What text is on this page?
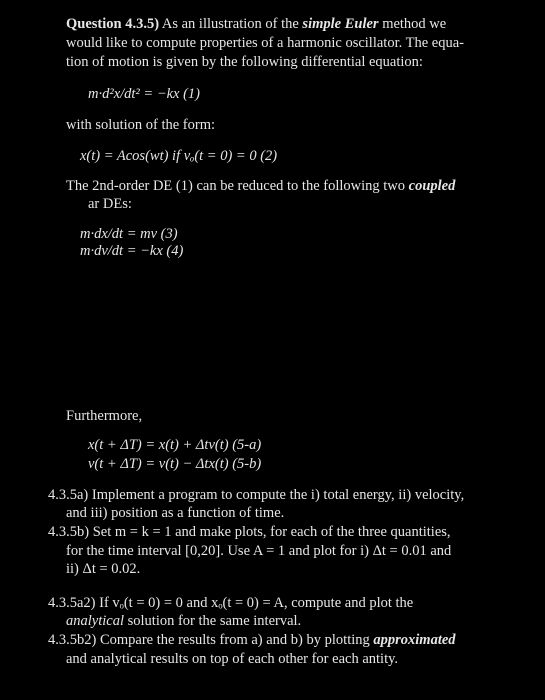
Question 4.3.5) As an illustration of the simple Euler method we
would like to compute properties of a harmonic oscillator. The equa-
tion of motion is given by the following differential equation:
m·d²x/dt² = −kx (1)
with solution of the form:
x(t) = Acos(wt) if vₒ(t = 0) = 0 (2)
The 2nd-order DE (1) can be reduced to the following two coupled
ar DEs:
m·dx/dt = mv (3)
m·dv/dt = −kx (4)
Furthermore,
x(t + ΔT) = x(t) + Δtv(t) (5-a)
v(t + ΔT) = v(t) − Δtx(t) (5-b)
4.3.5a) Implement a program to compute the i) total energy, ii) velocity,
and iii) position as a function of time.
4.3.5b) Set m = k = 1 and make plots, for each of the three quantities,
for the time interval [0,20]. Use A = 1 and plot for i) Δt = 0.01 and
ii) Δt = 0.02.
4.3.5a2) If vₒ(t = 0) = 0 and xₒ(t = 0) = A, compute and plot the
analytical solution for the same interval.
4.3.5b2) Compare the results from a) and b) by plotting approximated
and analytical results on top of each other for each antity.
